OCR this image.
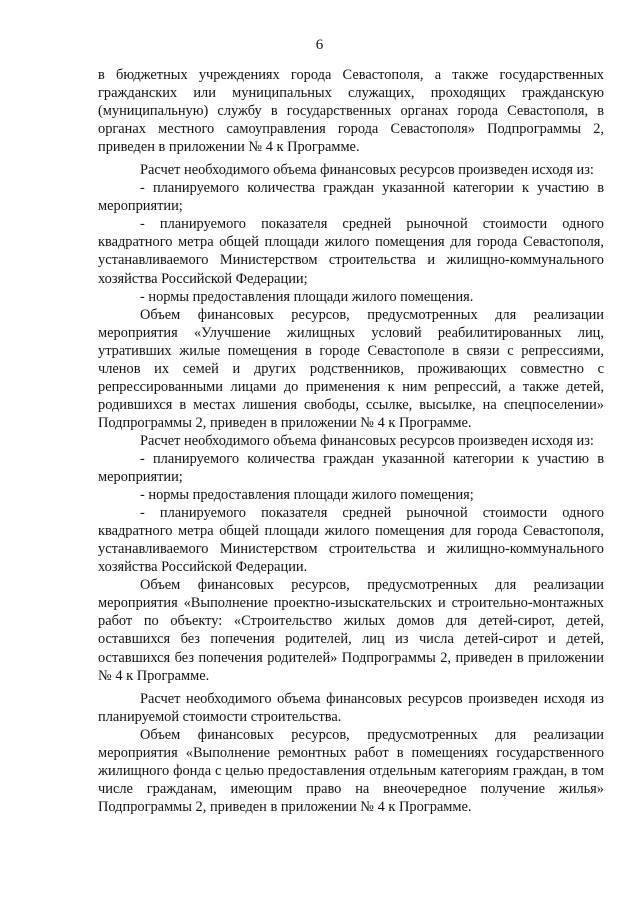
6

в бюджетных учреждениях города Севастополя, а также государственных гражданских или муниципальных служащих, проходящих гражданскую (муниципальную) службу в государственных органах города Севастополя, в органах местного самоуправления города Севастополя» Подпрограммы 2, приведен в приложении № 4 к Программе.

Расчет необходимого объема финансовых ресурсов произведен исходя из:

- планируемого количества граждан указанной категории к участию в мероприятии;

- планируемого показателя средней рыночной стоимости одного квадратного метра общей площади жилого помещения для города Севастополя, устанавливаемого Министерством строительства и жилищно-коммунального хозяйства Российской Федерации;

- нормы предоставления площади жилого помещения.

Объем финансовых ресурсов, предусмотренных для реализации мероприятия «Улучшение жилищных условий реабилитированных лиц, утративших жилые помещения в городе Севастополе в связи с репрессиями, членов их семей и других родственников, проживающих совместно с репрессированными лицами до применения к ним репрессий, а также детей, родившихся в местах лишения свободы, ссылке, высылке, на спецпоселении» Подпрограммы 2, приведен в приложении № 4 к Программе.

Расчет необходимого объема финансовых ресурсов произведен исходя из:

- планируемого количества граждан указанной категории к участию в мероприятии;

- нормы предоставления площади жилого помещения;

- планируемого показателя средней рыночной стоимости одного квадратного метра общей площади жилого помещения для города Севастополя, устанавливаемого Министерством строительства и жилищно-коммунального хозяйства Российской Федерации.

Объем финансовых ресурсов, предусмотренных для реализации мероприятия «Выполнение проектно-изыскательских и строительно-монтажных работ по объекту: «Строительство жилых домов для детей-сирот, детей, оставшихся без попечения родителей, лиц из числа детей-сирот и детей, оставшихся без попечения родителей» Подпрограммы 2, приведен в приложении № 4 к Программе.

Расчет необходимого объема финансовых ресурсов произведен исходя из планируемой стоимости строительства.

Объем финансовых ресурсов, предусмотренных для реализации мероприятия «Выполнение ремонтных работ в помещениях государственного жилищного фонда с целью предоставления отдельным категориям граждан, в том числе гражданам, имеющим право на внеочередное получение жилья» Подпрограммы 2, приведен в приложении № 4 к Программе.
